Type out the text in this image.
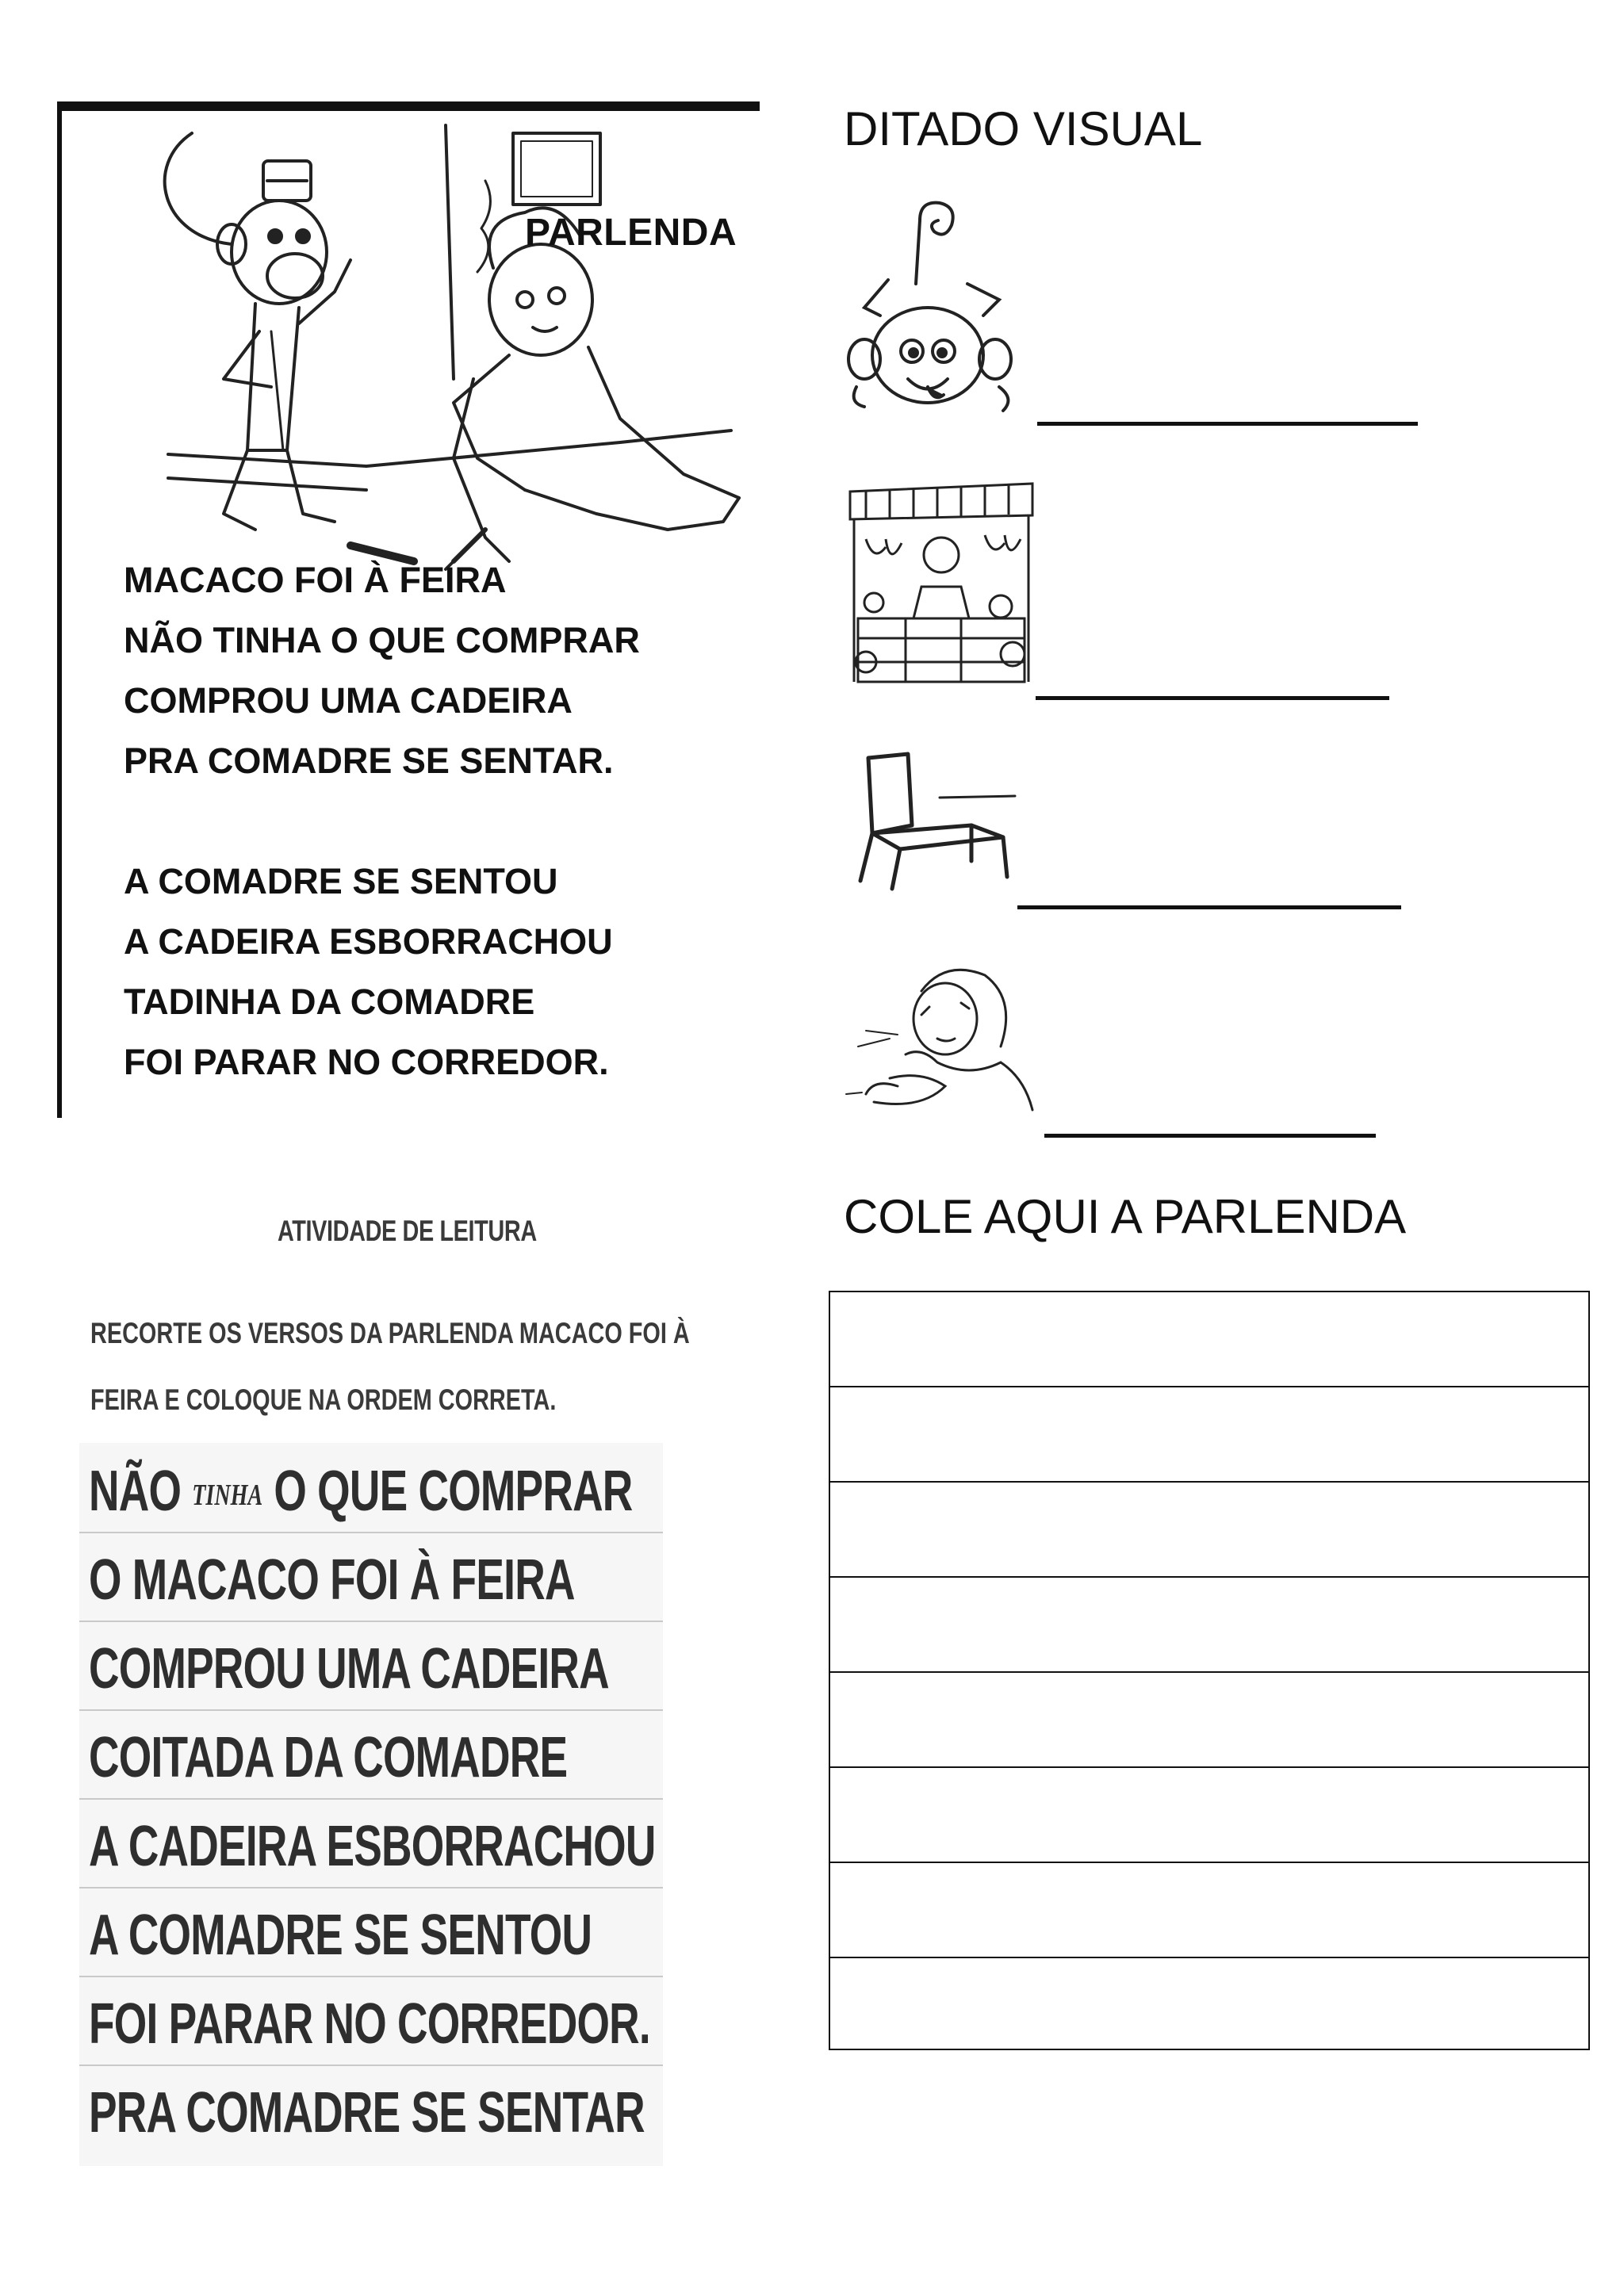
PARLENDA
MACACO FOI À FEIRA
NÃO TINHA O QUE COMPRAR
COMPROU UMA CADEIRA
PRA COMADRE SE SENTAR.
A COMADRE SE SENTOU
A CADEIRA ESBORRACHOU
TADINHA DA COMADRE
FOI PARAR NO CORREDOR.
DITADO VISUAL
ATIVIDADE DE LEITURA
RECORTE OS VERSOS DA PARLENDA MACACO FOI À
FEIRA E COLOQUE NA ORDEM CORRETA.
NÃO TINHA O QUE COMPRAR
O MACACO FOI À FEIRA
COMPROU UMA CADEIRA
COITADA DA COMADRE
A CADEIRA ESBORRACHOU
A COMADRE SE SENTOU
FOI PARAR NO CORREDOR.
PRA COMADRE SE SENTAR
COLE AQUI A PARLENDA
